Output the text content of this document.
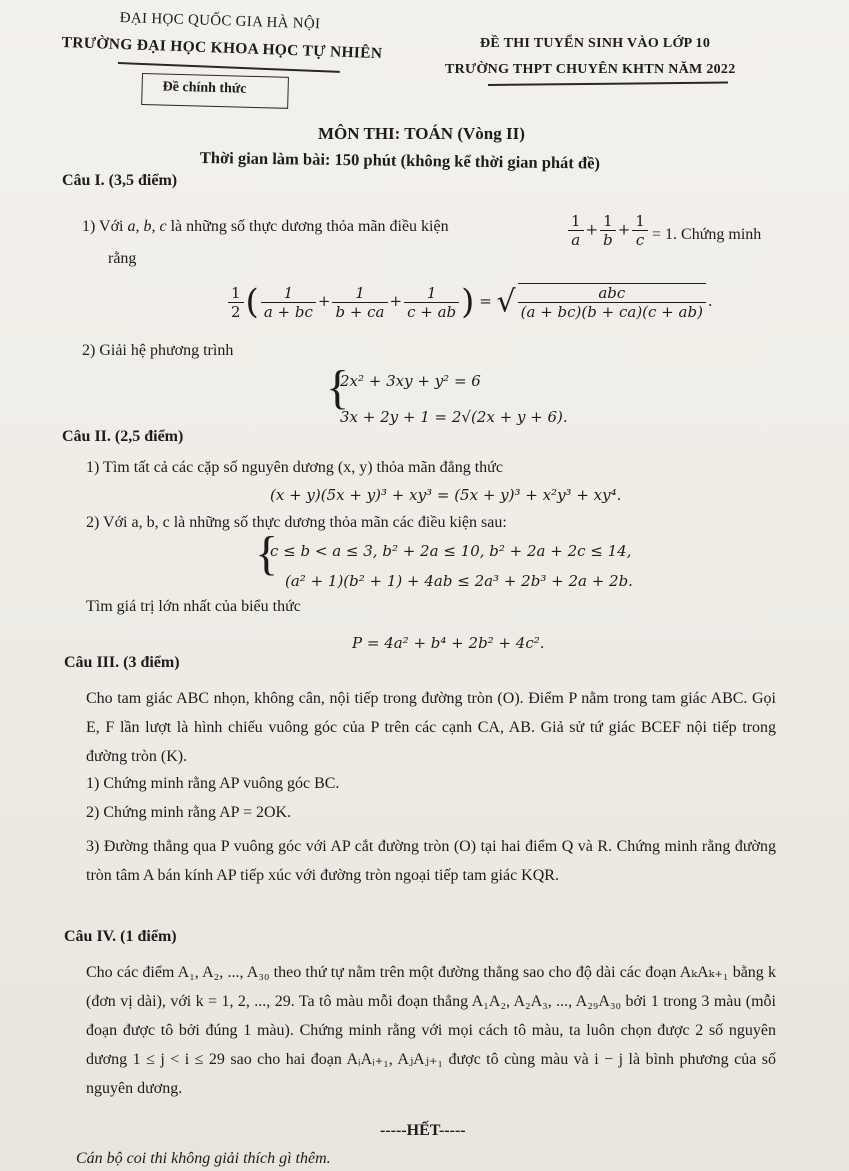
ĐẠI HỌC QUỐC GIA HÀ NỘI
TRƯỜNG ĐẠI HỌC KHOA HỌC TỰ NHIÊN
Đề chính thức
ĐỀ THI TUYỂN SINH VÀO LỚP 10
TRƯỜNG THPT CHUYÊN KHTN NĂM 2022
MÔN THI: TOÁN (Vòng II)
Thời gian làm bài: 150 phút (không kể thời gian phát đề)
Câu I. (3,5 điểm)
1) Với a, b, c là những số thực dương thỏa mãn điều kiện	$\frac{1}{a} + \frac{1}{b} + \frac{1}{c} = 1$. Chứng minh
rằng
$\frac{1}{2}$ ( $\frac{1}{a + bc} + \frac{1}{b + ca} + \frac{1}{c + ab}$ ) = √ $\frac{\text{abc}}{(a + bc)(b + ca)(c + ab)}$ .
2) Giải hệ phương trình
{
2x² + 3xy + y² = 6
3x + 2y + 1 = 2√(2x + y + 6).
Câu II. (2,5 điểm)
1) Tìm tất cả các cặp số nguyên dương (x, y) thỏa mãn đẳng thức
(x + y)(5x + y)³ + xy³ = (5x + y)³ + x²y³ + xy⁴.
2) Với a, b, c là những số thực dương thỏa mãn các điều kiện sau:
{
c ≤ b < a ≤ 3, b² + 2a ≤ 10, b² + 2a + 2c ≤ 14,
(a² + 1)(b² + 1) + 4ab ≤ 2a³ + 2b³ + 2a + 2b.
Tìm giá trị lớn nhất của biểu thức
P = 4a² + b⁴ + 2b² + 4c².
Câu III. (3 điểm)
Cho tam giác ABC nhọn, không cân, nội tiếp trong đường tròn (O). Điểm P nằm trong tam giác ABC. Gọi E, F lần lượt là hình chiếu vuông góc của P trên các cạnh CA, AB. Giả sử tứ giác BCEF nội tiếp trong đường tròn (K).
1) Chứng minh rằng AP vuông góc BC.
2) Chứng minh rằng AP = 2OK.
3) Đường thẳng qua P vuông góc với AP cắt đường tròn (O) tại hai điểm Q và R. Chứng minh rằng đường tròn tâm A bán kính AP tiếp xúc với đường tròn ngoại tiếp tam giác KQR.
Câu IV. (1 điểm)
Cho các điểm A₁, A₂, ..., A₃₀ theo thứ tự nằm trên một đường thẳng sao cho độ dài các đoạn AₖAₖ₊₁ bằng k (đơn vị dài), với k = 1, 2, ..., 29. Ta tô màu mỗi đoạn thẳng A₁A₂, A₂A₃, ..., A₂₉A₃₀ bởi 1 trong 3 màu (mỗi đoạn được tô bởi đúng 1 màu). Chứng minh rằng với mọi cách tô màu, ta luôn chọn được 2 số nguyên dương 1 ≤ j < i ≤ 29 sao cho hai đoạn AᵢAᵢ₊₁, AⱼAⱼ₊₁ được tô cùng màu và i − j là bình phương của số nguyên dương.
-----HẾT-----
Cán bộ coi thi không giải thích gì thêm.
